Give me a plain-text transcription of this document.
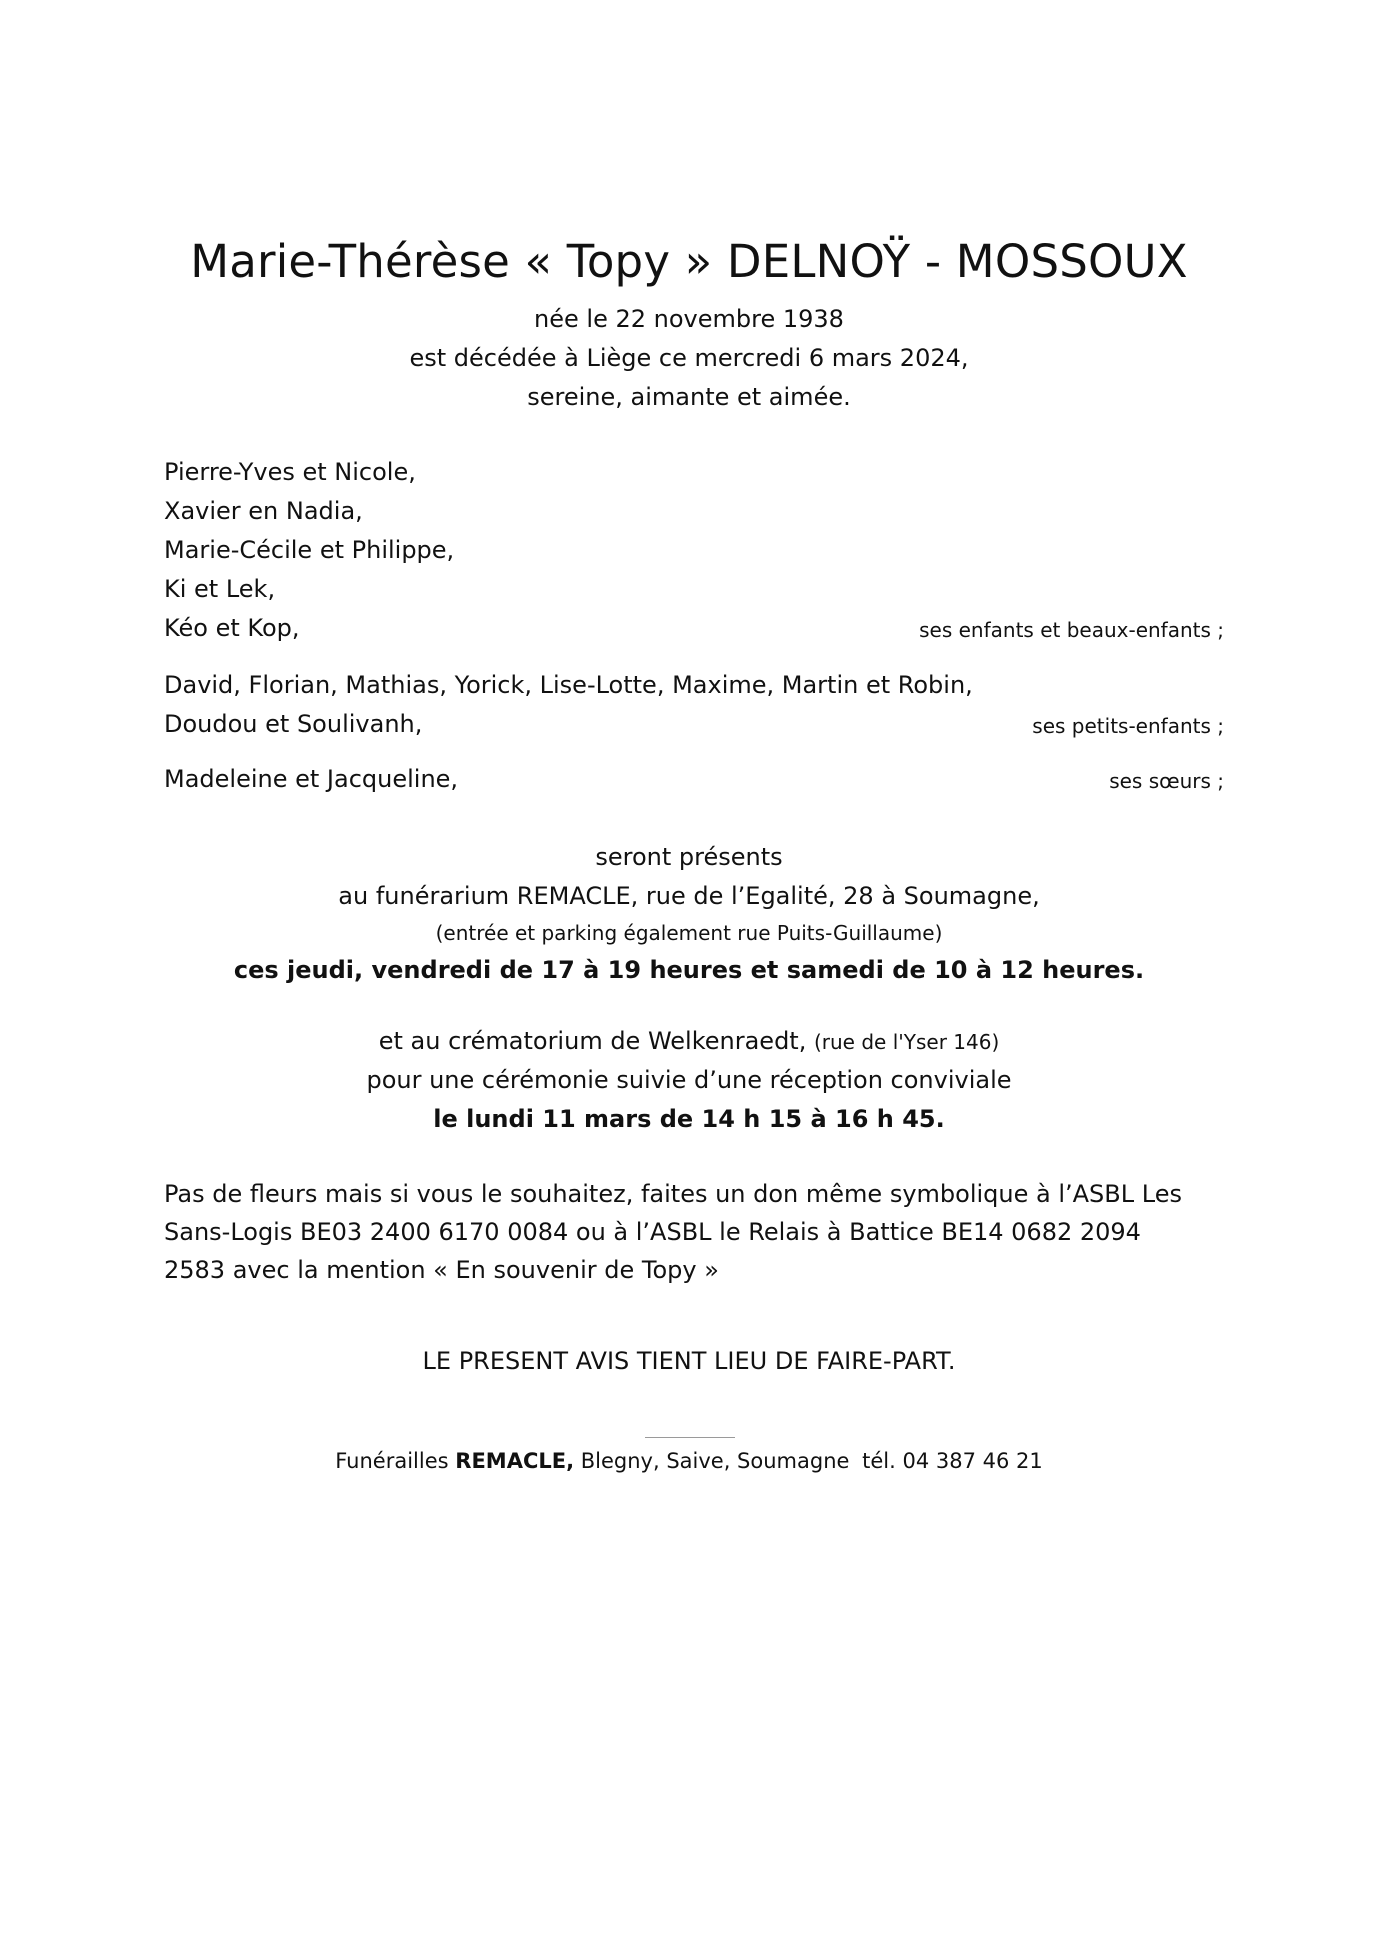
Marie-Thérèse « Topy » DELNOŸ - MOSSOUX
née le 22 novembre 1938
est décédée à Liège ce mercredi 6 mars 2024,
sereine, aimante et aimée.
Pierre-Yves et Nicole,
Xavier en Nadia,
Marie-Cécile et Philippe,
Ki et Lek,
Kéo et Kop,	ses enfants et beaux-enfants ;
David, Florian, Mathias, Yorick, Lise-Lotte, Maxime, Martin et Robin,
Doudou et Soulivanh,	ses petits-enfants ;
Madeleine et Jacqueline,	ses sœurs ;
seront présents
au funérarium REMACLE, rue de l’Egalité, 28 à Soumagne,
(entrée et parking également rue Puits-Guillaume)
ces jeudi, vendredi de 17 à 19 heures et samedi de 10 à 12 heures.
et au crématorium de Welkenraedt, (rue de l'Yser 146)
pour une cérémonie suivie d’une réception conviviale
le lundi 11 mars de 14 h 15 à 16 h 45.
Pas de fleurs mais si vous le souhaitez, faites un don même symbolique à l’ASBL Les
Sans-Logis BE03 2400 6170 0084 ou à l’ASBL le Relais à Battice BE14 0682 2094
2583 avec la mention « En souvenir de Topy »
LE PRESENT AVIS TIENT LIEU DE FAIRE-PART.
Funérailles REMACLE, Blegny, Saive, Soumagne tél. 04 387 46 21
